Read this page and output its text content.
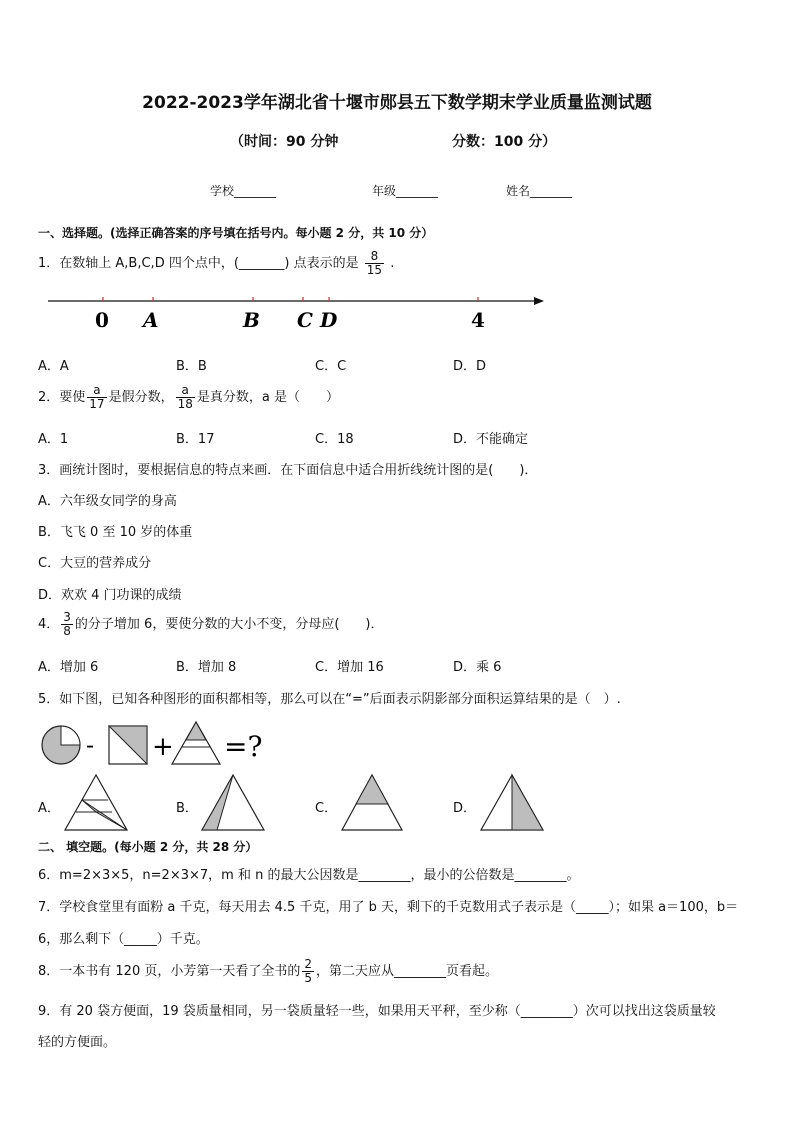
2022-2023学年湖北省十堰市郧县五下数学期末学业质量监测试题
（时间：90 分钟	分数：100 分）
学校_______	年级_______	姓名_______
一、选择题。(选择正确答案的序号填在括号内。每小题 2 分，共 10 分）
1．在数轴上 A,B,C,D 四个点中，(_______) 点表示的是 $\frac{8}{15}$ .
0 A	B C D	4
A．A	B．B	C．C	D．D
2．要使 $\frac{a}{17}$ 是假分数， $\frac{a}{18}$ 是真分数，a 是（　　）
A．1	B．17	C．18	D．不能确定
3．画统计图时，要根据信息的特点来画．在下面信息中适合用折线统计图的是(　　)．
A．六年级女同学的身高
B．飞飞 0 至 10 岁的体重
C．大豆的营养成分
D．欢欢 4 门功课的成绩
4． $\frac{3}{8}$ 的分子增加 6，要使分数的大小不变，分母应(　　)．
A．增加 6	B．增加 8	C．增加 16	D．乘 6
5．如下图，已知各种图形的面积都相等，那么可以在“=”后面表示阴影部分面积运算结果的是（　）.
- + =?
A．	B．	C．	D．
二、 填空题。(每小题 2 分，共 28 分）
6．m=2×3×5，n=2×3×7，m 和 n 的最大公因数是________，最小的公倍数是________。
7．学校食堂里有面粉 a 千克，每天用去 4.5 千克，用了 b 天，剩下的千克数用式子表示是（_____）；如果 a＝100，b＝
6，那么剩下（_____）千克。
8．一本书有 120 页，小芳第一天看了全书的 $\frac{2}{5}$ ，第二天应从________页看起。
9．有 20 袋方便面，19 袋质量相同，另一袋质量轻一些，如果用天平秤，至少称（________）次可以找出这袋质量较
轻的方便面。
